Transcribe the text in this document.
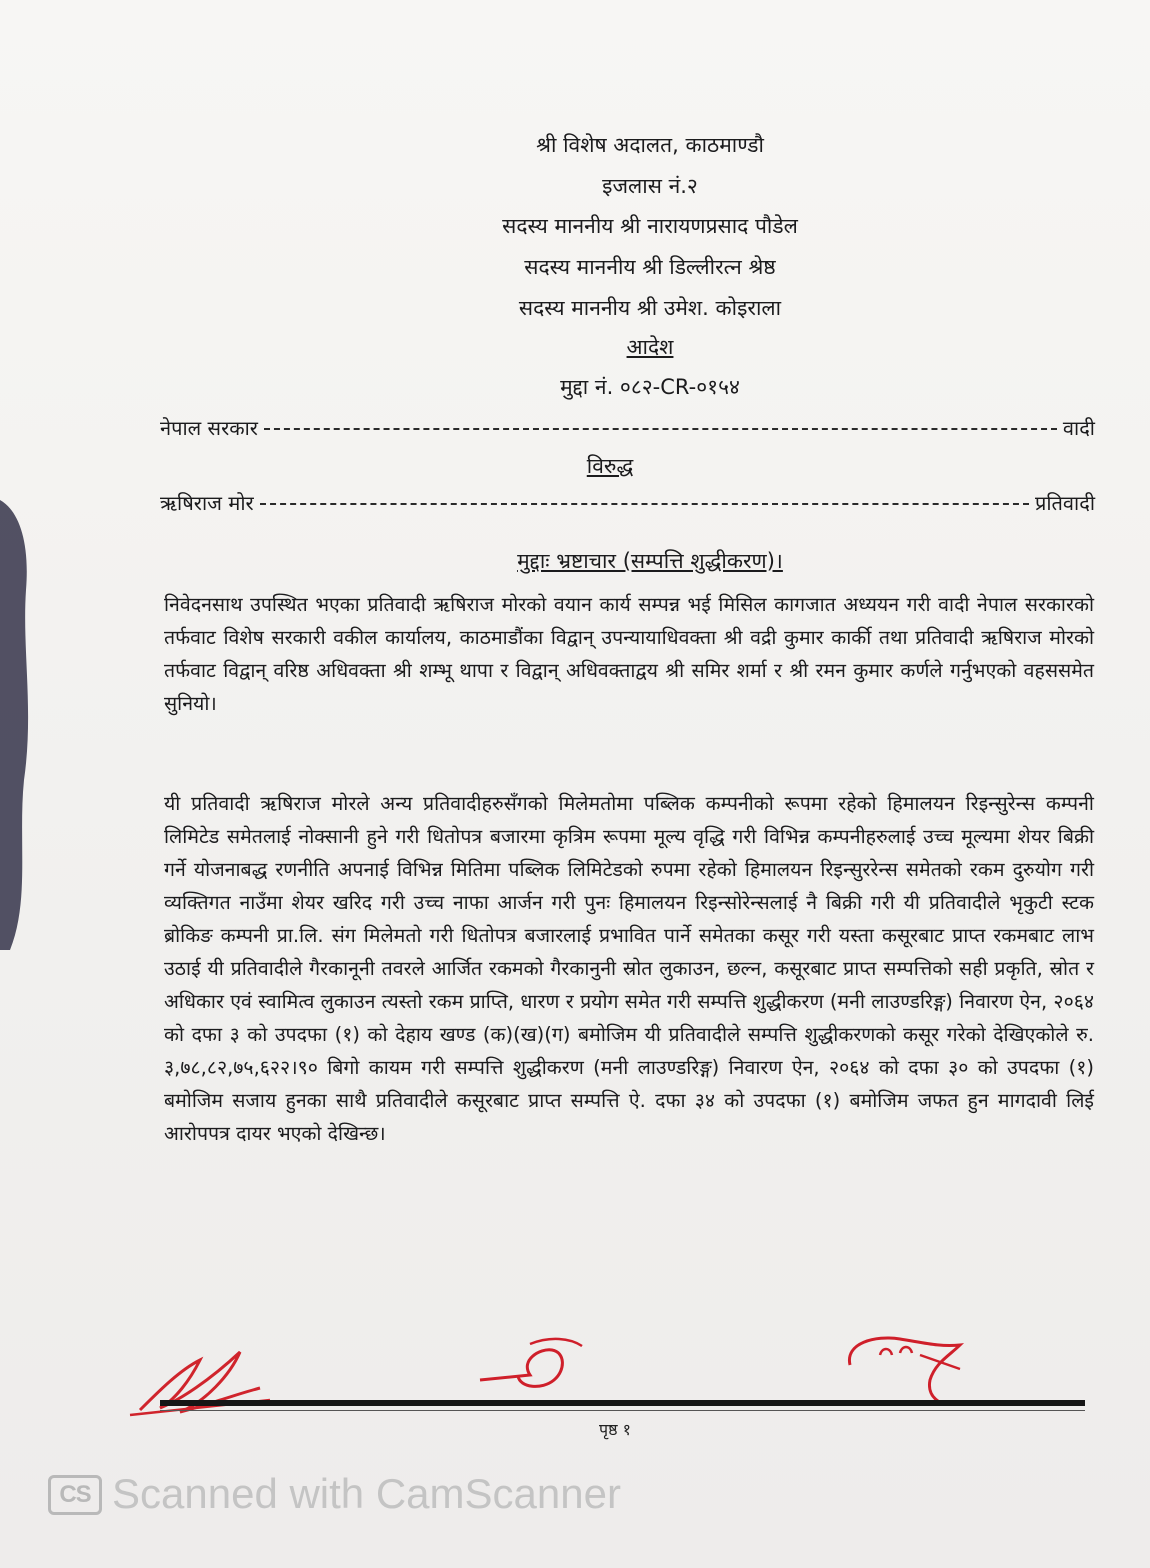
श्री विशेष अदालत, काठमाण्डौ
इजलास नं.२
सदस्य माननीय श्री नारायणप्रसाद पौडेल
सदस्य माननीय श्री डिल्लीरत्न श्रेष्ठ
सदस्य माननीय श्री उमेश. कोइराला
आदेश
मुद्दा नं. ०८२-CR-०१५४
नेपाल सरकार	वादी
विरुद्ध
ऋषिराज मोर	प्रतिवादी
मुद्दाः भ्रष्टाचार (सम्पत्ति शुद्धीकरण)।
निवेदनसाथ उपस्थित भएका प्रतिवादी ऋषिराज मोरको वयान कार्य सम्पन्न भई मिसिल कागजात अध्ययन गरी वादी नेपाल सरकारको तर्फवाट विशेष सरकारी वकील कार्यालय, काठमाडौंका विद्वान् उपन्यायाधिवक्ता श्री वद्री कुमार कार्की तथा प्रतिवादी ऋषिराज मोरको तर्फवाट विद्वान् वरिष्ठ अधिवक्ता श्री शम्भू थापा र विद्वान् अधिवक्ताद्वय श्री समिर शर्मा र श्री रमन कुमार कर्णले गर्नुभएको वहससमेत सुनियो।
यी प्रतिवादी ऋषिराज मोरले अन्य प्रतिवादीहरुसँगको मिलेमतोमा पब्लिक कम्पनीको रूपमा रहेको हिमालयन रिइन्सुरेन्स कम्पनी लिमिटेड समेतलाई नोक्सानी हुने गरी धितोपत्र बजारमा कृत्रिम रूपमा मूल्य वृद्धि गरी विभिन्न कम्पनीहरुलाई उच्च मूल्यमा शेयर बिक्री गर्ने योजनाबद्ध रणनीति अपनाई विभिन्न मितिमा पब्लिक लिमिटेडको रुपमा रहेको हिमालयन रिइन्सुररेन्स समेतको रकम दुरुयोग गरी व्यक्तिगत नाउँमा शेयर खरिद गरी उच्च नाफा आर्जन गरी पुनः हिमालयन रिइन्सोरेन्सलाई नै बिक्री गरी यी प्रतिवादीले भृकुटी स्टक ब्रोकिङ कम्पनी प्रा.लि. संग मिलेमतो गरी धितोपत्र बजारलाई प्रभावित पार्ने समेतका कसूर गरी यस्ता कसूरबाट प्राप्त रकमबाट लाभ उठाई यी प्रतिवादीले गैरकानूनी तवरले आर्जित रकमको गैरकानुनी स्रोत लुकाउन, छल्न, कसूरबाट प्राप्त सम्पत्तिको सही प्रकृति, स्रोत र अधिकार एवं स्वामित्व लुकाउन त्यस्तो रकम प्राप्ति, धारण र प्रयोग समेत गरी सम्पत्ति शुद्धीकरण (मनी लाउण्डरिङ्ग) निवारण ऐन, २०६४ को दफा ३ को उपदफा (१) को देहाय खण्ड (क)(ख)(ग) बमोजिम यी प्रतिवादीले सम्पत्ति शुद्धीकरणको कसूर गरेको देखिएकोले रु. ३,७८,८२,७५,६२२।९० बिगो कायम गरी सम्पत्ति शुद्धीकरण (मनी लाउण्डरिङ्ग) निवारण ऐन, २०६४ को दफा ३० को उपदफा (१) बमोजिम सजाय हुनका साथै प्रतिवादीले कसूरबाट प्राप्त सम्पत्ति ऐ. दफा ३४ को उपदफा (१) बमोजिम जफत हुन मागदावी लिई आरोपपत्र दायर भएको देखिन्छ।
पृष्ठ १
CS Scanned with CamScanner
